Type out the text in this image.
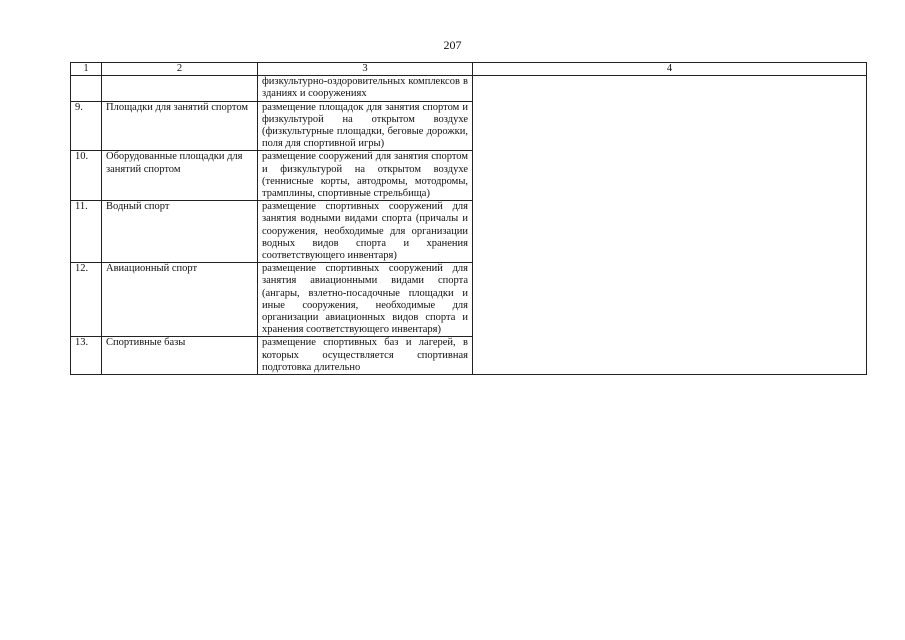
207
1	2	3	4
		физкультурно-оздоровительных комплексов в зданиях и сооружениях	
9.	Площадки для занятий спортом	размещение площадок для занятия спортом и физкультурой на открытом воздухе (физкультурные площадки, беговые дорожки, поля для спортивной игры)	
10.	Оборудованные площадки для занятий спортом	размещение сооружений для занятия спортом и физкультурой на открытом воздухе (теннисные корты, автодромы, мотодромы, трамплины, спортивные стрельбища)	
11.	Водный спорт	размещение спортивных сооружений для занятия водными видами спорта (причалы и сооружения, необходимые для организации водных видов спорта и хранения соответствующего инвентаря)	
12.	Авиационный спорт	размещение спортивных сооружений для занятия авиационными видами спорта (ангары, взлетно-посадочные площадки и иные сооружения, необходимые для организации авиационных видов спорта и хранения соответствующего инвентаря)	
13.	Спортивные базы	размещение спортивных баз и лагерей, в которых осуществляется спортивная подготовка длительно	
